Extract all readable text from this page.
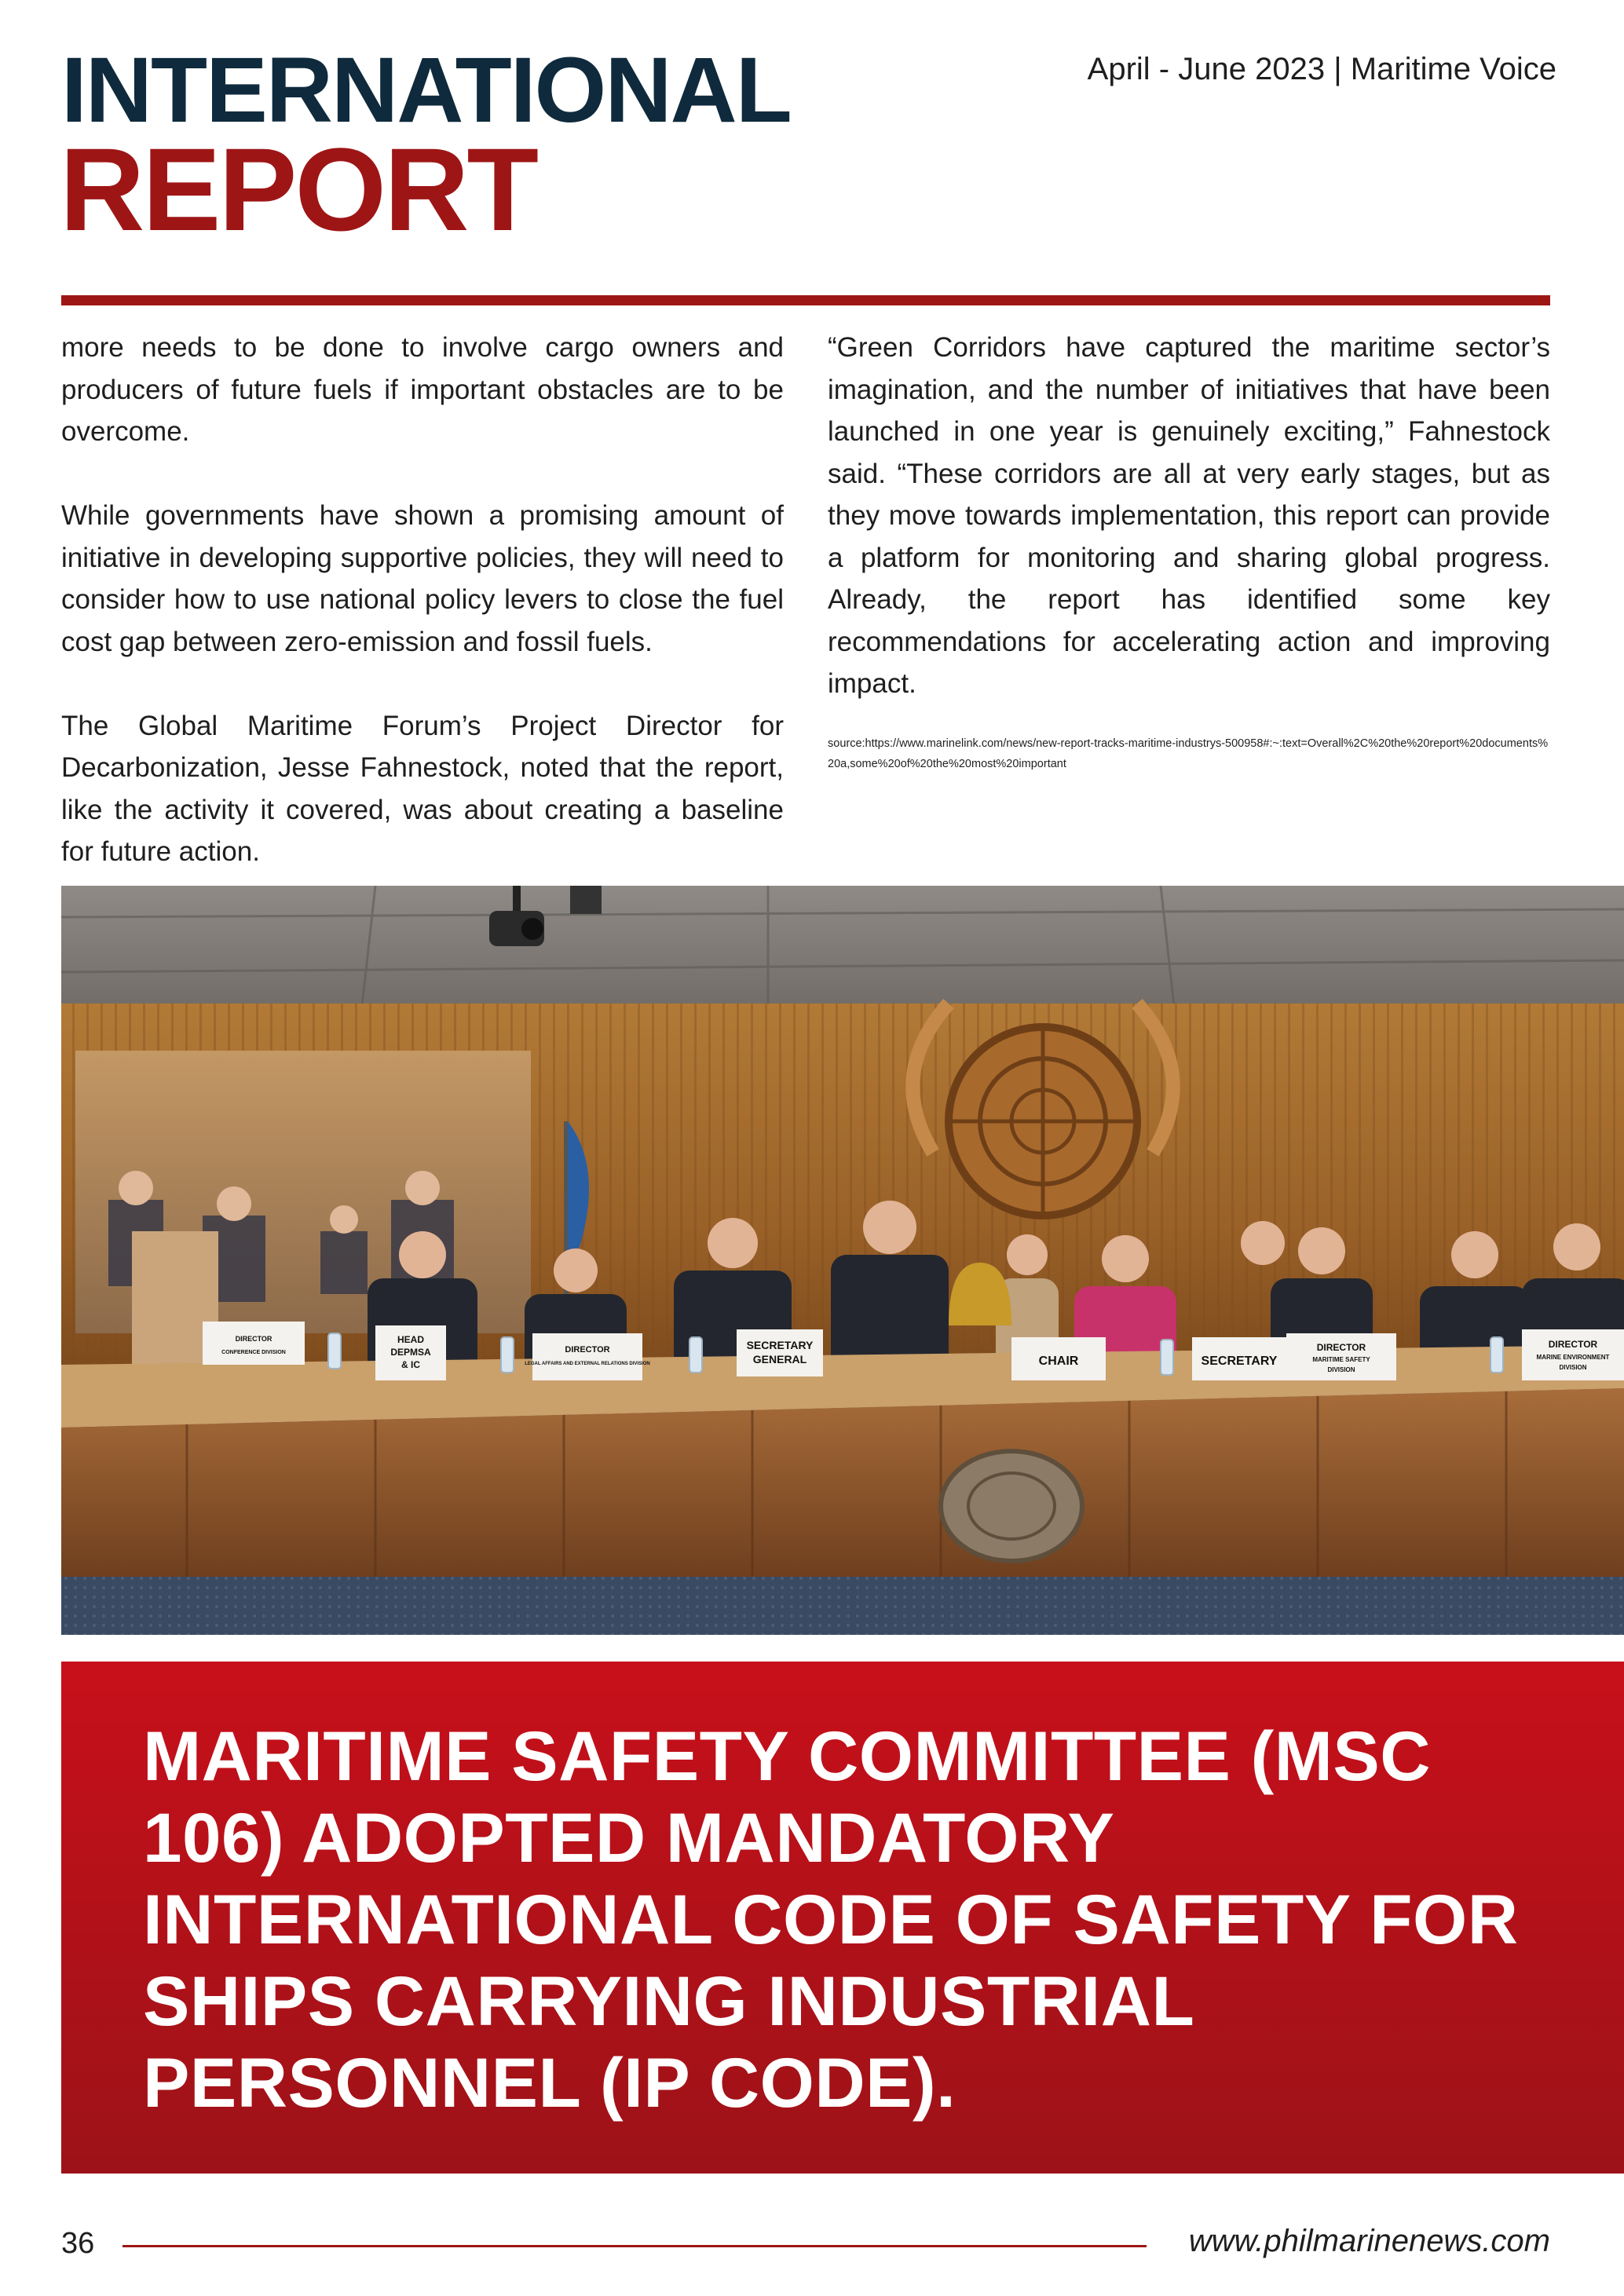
INTERNATIONAL
REPORT
April - June 2023 | Maritime Voice

more needs to be done to involve cargo owners and producers of future fuels if important obstacles are to be overcome.

While governments have shown a promising amount of initiative in developing supportive policies, they will need to consider how to use national policy levers to close the fuel cost gap between zero-emission and fossil fuels.

The Global Maritime Forum’s Project Director for Decarbonization, Jesse Fahnestock, noted that the report, like the activity it covered, was about creating a baseline for future action.

“Green Corridors have captured the maritime sector’s imagination, and the number of initiatives that have been launched in one year is genuinely exciting,” Fahnestock said. “These corridors are all at very early stages, but as they move towards implementation, this report can provide a platform for monitoring and sharing global progress. Already, the report has identified some key recommendations for accelerating action and improving impact.

source:https://www.marinelink.com/news/new-report-tracks-maritime-industrys-500958#:~:text=Overall%2C%20the%20report%20documents%20a,some%20of%20the%20most%20important
DIRECTOR
CONFERENCE DIVISION
HEAD
DEPMSA
& IC
DIRECTOR
LEGAL AFFAIRS AND EXTERNAL RELATIONS DIVISION
SECRETARY
GENERAL	CHAIR	SECRETARY
DIRECTOR
MARITIME SAFETY
DIVISION
DIRECTOR
MARINE ENVIRONMENT
DIVISION
MARITIME SAFETY COMMITTEE (MSC 106) ADOPTED MANDATORY INTERNATIONAL CODE OF SAFETY FOR SHIPS CARRYING INDUSTRIAL PERSONNEL (IP CODE).
36	www.philmarinenews.com
